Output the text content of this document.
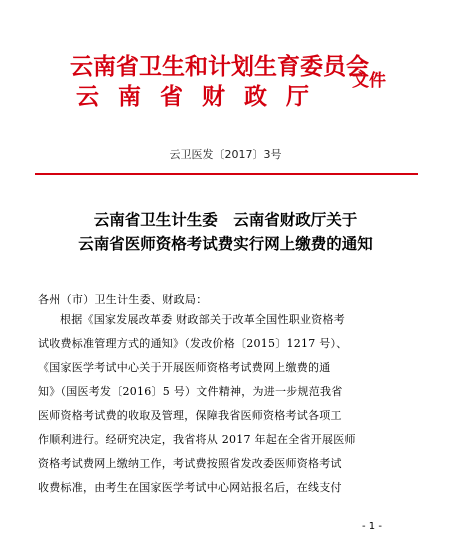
云南省卫生和计划生育委员会
云南省财政厅
文件
云卫医发〔2017〕3号
云南省卫生计生委　云南省财政厅关于
云南省医师资格考试费实行网上缴费的通知
各州（市）卫生计生委、财政局：
根据《国家发展改革委 财政部关于改革全国性职业资格考
试收费标准管理方式的通知》（发改价格〔2015〕1217 号）、
《国家医学考试中心关于开展医师资格考试费网上缴费的通
知》（国医考发〔2016〕5 号）文件精神，为进一步规范我省
医师资格考试费的收取及管理，保障我省医师资格考试各项工
作顺利进行。经研究决定，我省将从 2017 年起在全省开展医师
资格考试费网上缴纳工作，考试费按照省发改委医师资格考试
收费标准，由考生在国家医学考试中心网站报名后，在线支付
- 1 -
